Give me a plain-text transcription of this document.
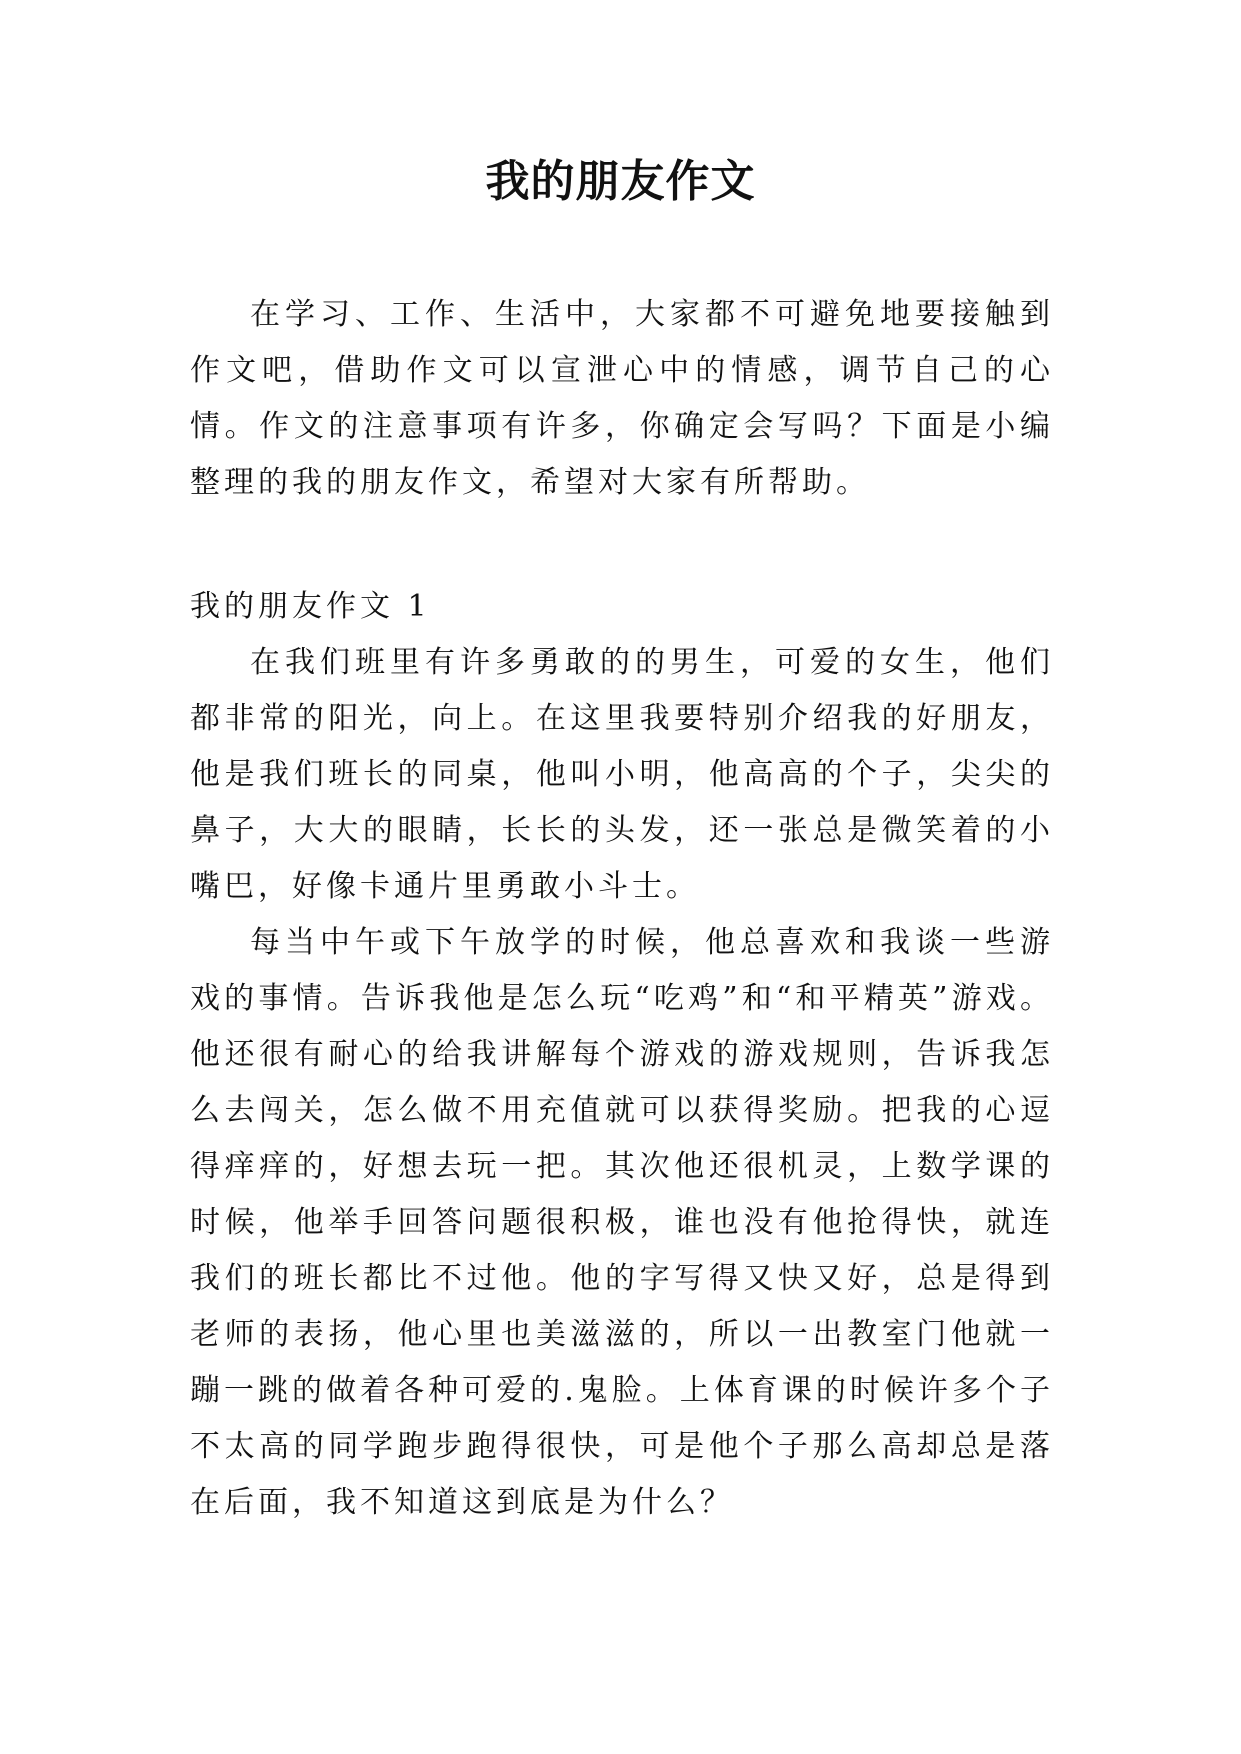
我的朋友作文

在学习、工作、生活中，大家都不可避免地要接触到作文吧，借助作文可以宣泄心中的情感，调节自己的心情。作文的注意事项有许多，你确定会写吗？下面是小编整理的我的朋友作文，希望对大家有所帮助。

我的朋友作文 1

在我们班里有许多勇敢的的男生，可爱的女生，他们都非常的阳光，向上。在这里我要特别介绍我的好朋友，他是我们班长的同桌，他叫小明，他高高的个子，尖尖的鼻子，大大的眼睛，长长的头发，还一张总是微笑着的小嘴巴，好像卡通片里勇敢小斗士。

每当中午或下午放学的时候，他总喜欢和我谈一些游戏的事情。告诉我他是怎么玩“吃鸡”和“和平精英”游戏。他还很有耐心的给我讲解每个游戏的游戏规则，告诉我怎么去闯关，怎么做不用充值就可以获得奖励。把我的心逗得痒痒的，好想去玩一把。其次他还很机灵，上数学课的时候，他举手回答问题很积极，谁也没有他抢得快，就连我们的班长都比不过他。他的字写得又快又好，总是得到老师的表扬，他心里也美滋滋的，所以一出教室门他就一蹦一跳的做着各种可爱的.鬼脸。上体育课的时候许多个子不太高的同学跑步跑得很快，可是他个子那么高却总是落在后面，我不知道这到底是为什么？
